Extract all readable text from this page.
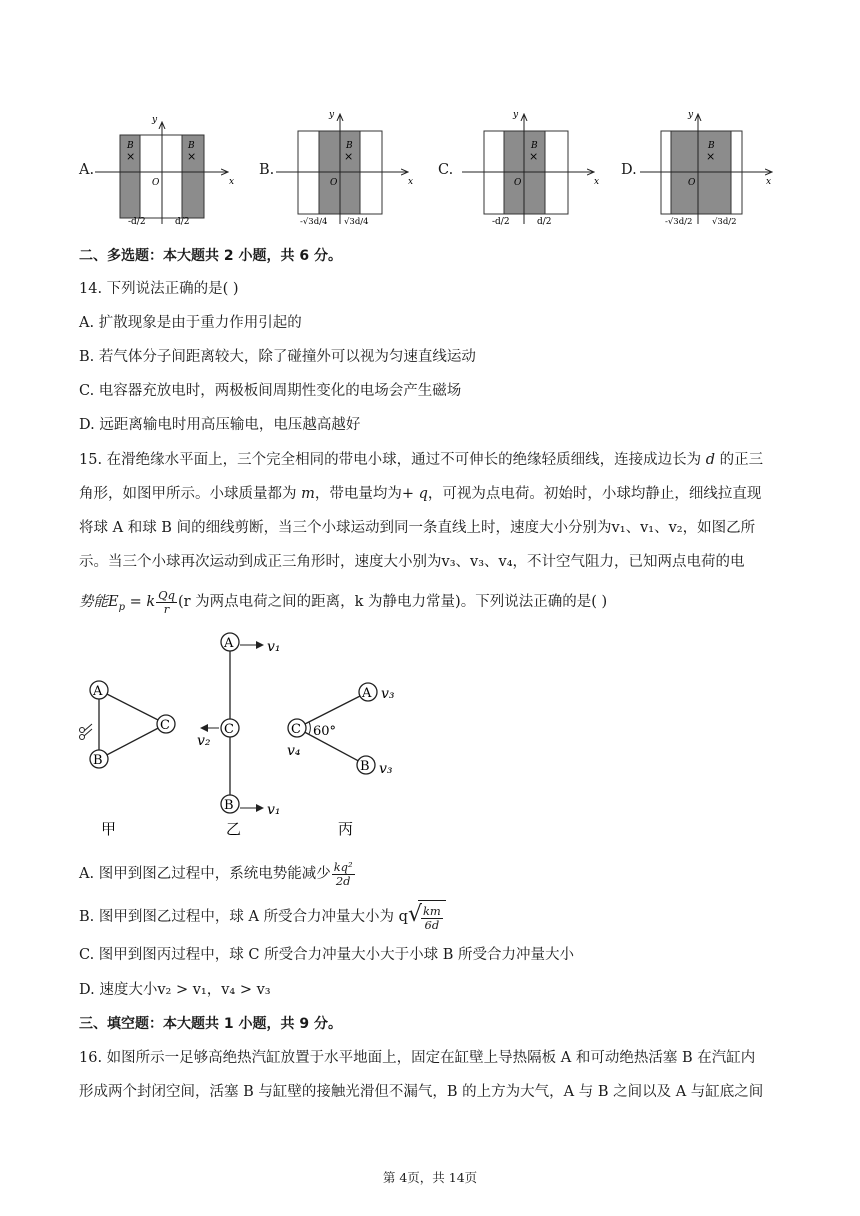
A.	B.	C.	D.
x
y
O
B
×
B
×
-d/2	d/2
x
y
O
B
×
-√3d/4 √3d/4
x
y
O
B
×
-d/2	d/2
x
y
O
B
×
-√3d/2 √3d/2
二、多选题：本大题共 2 小题，共 6 分。
14. 下列说法正确的是( )
A. 扩散现象是由于重力作用引起的
B. 若气体分子间距离较大，除了碰撞外可以视为匀速直线运动
C. 电容器充放电时，两极板间周期性变化的电场会产生磁场
D. 远距离输电时用高压输电，电压越高越好
15. 在滑绝缘水平面上，三个完全相同的带电小球，通过不可伸长的绝缘轻质细线，连接成边长为 d 的正三
角形，如图甲所示。小球质量都为 m，带电量均为+ q，可视为点电荷。初始时，小球均静止，细线拉直现
将球 A 和球 B 间的细线剪断，当三个小球运动到同一条直线上时，速度大小分别为v₁、v₁、v₂，如图乙所
示。当三个小球再次运动到成正三角形时，速度大小别为v₃、v₃、v₄，不计空气阻力，已知两点电荷的电
势能$E_p = k \frac{Qq}{r} (r$ 为两点电荷之间的距离，k 为静电力常量)。下列说法正确的是( )
A
B
C
A
C
B
v₁
v₁
v₂
C
A
B
60°
v₃
v₃
v₄
甲	乙	丙
A. 图甲到图乙过程中，系统电势能减少 $\frac{\text{kq²}}{2d}$
B. 图甲到图乙过程中，球 A 所受合力冲量大小为 q √
$\frac{km}{6d}$
C. 图甲到图丙过程中，球 C 所受合力冲量大小大于小球 B 所受合力冲量大小
D. 速度大小v₂ > v₁，v₄ > v₃
三、填空题：本大题共 1 小题，共 9 分。
16. 如图所示一足够高绝热汽缸放置于水平地面上，固定在缸壁上导热隔板 A 和可动绝热活塞 B 在汽缸内
形成两个封闭空间，活塞 B 与缸壁的接触光滑但不漏气，B 的上方为大气，A 与 B 之间以及 A 与缸底之间
第 4页，共 14页
